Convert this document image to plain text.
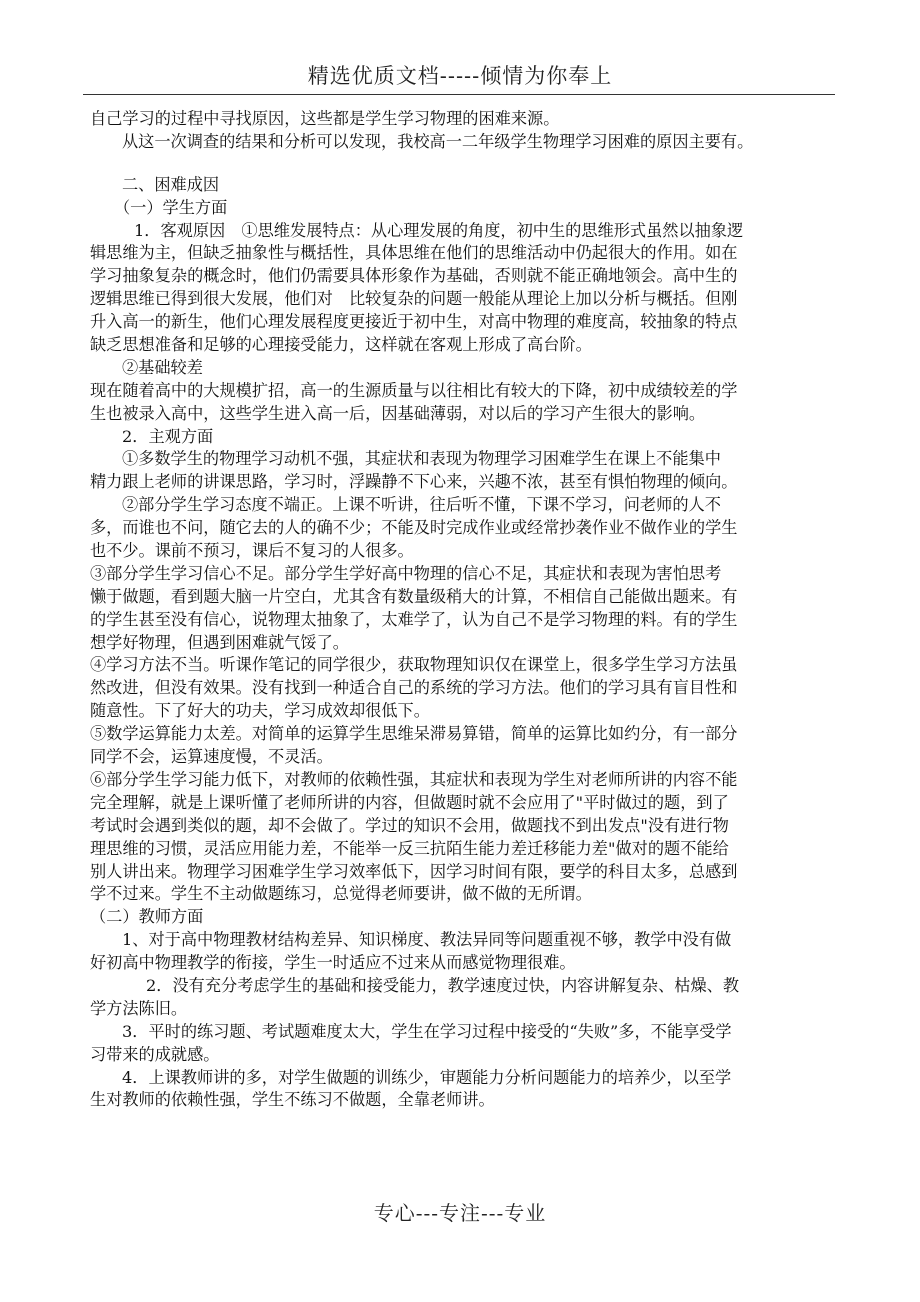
精选优质文档-----倾情为你奉上
自己学习的过程中寻找原因，这些都是学生学习物理的困难来源。
从这一次调查的结果和分析可以发现，我校高一二年级学生物理学习困难的原因主要有。
二、困难成因
（一）学生方面
1．客观原因　①思维发展特点：从心理发展的角度，初中生的思维形式虽然以抽象逻
辑思维为主，但缺乏抽象性与概括性，具体思维在他们的思维活动中仍起很大的作用。如在
学习抽象复杂的概念时，他们仍需要具体形象作为基础，否则就不能正确地领会。高中生的
逻辑思维已得到很大发展，他们对　比较复杂的问题一般能从理论上加以分析与概括。但刚
升入高一的新生，他们心理发展程度更接近于初中生，对高中物理的难度高，较抽象的特点
缺乏思想准备和足够的心理接受能力，这样就在客观上形成了高台阶。
②基础较差
现在随着高中的大规模扩招，高一的生源质量与以往相比有较大的下降，初中成绩较差的学
生也被录入高中，这些学生进入高一后，因基础薄弱，对以后的学习产生很大的影响。
2．主观方面
①多数学生的物理学习动机不强，其症状和表现为物理学习困难学生在课上不能集中
精力跟上老师的讲课思路，学习时，浮躁静不下心来，兴趣不浓，甚至有惧怕物理的倾向。
②部分学生学习态度不端正。上课不听讲，往后听不懂，下课不学习，问老师的人不
多，而谁也不问，随它去的人的确不少；不能及时完成作业或经常抄袭作业不做作业的学生
也不少。课前不预习，课后不复习的人很多。
③部分学生学习信心不足。部分学生学好高中物理的信心不足，其症状和表现为害怕思考
懒于做题，看到题大脑一片空白，尤其含有数量级稍大的计算，不相信自己能做出题来。有
的学生甚至没有信心，说物理太抽象了，太难学了，认为自己不是学习物理的料。有的学生
想学好物理，但遇到困难就气馁了。
④学习方法不当。听课作笔记的同学很少，获取物理知识仅在课堂上，很多学生学习方法虽
然改进，但没有效果。没有找到一种适合自己的系统的学习方法。他们的学习具有盲目性和
随意性。下了好大的功夫，学习成效却很低下。
⑤数学运算能力太差。对简单的运算学生思维呆滞易算错，简单的运算比如约分，有一部分
同学不会，运算速度慢，不灵活。
⑥部分学生学习能力低下，对教师的依赖性强，其症状和表现为学生对老师所讲的内容不能
完全理解，就是上课听懂了老师所讲的内容，但做题时就不会应用了"平时做过的题，到了
考试时会遇到类似的题，却不会做了。学过的知识不会用，做题找不到出发点"没有进行物
理思维的习惯，灵活应用能力差，不能举一反三抗陌生能力差迁移能力差"做对的题不能给
别人讲出来。物理学习困难学生学习效率低下，因学习时间有限，要学的科目太多，总感到
学不过来。学生不主动做题练习，总觉得老师要讲，做不做的无所谓。
（二）教师方面
1、对于高中物理教材结构差异、知识梯度、教法异同等问题重视不够，教学中没有做
好初高中物理教学的衔接，学生一时适应不过来从而感觉物理很难。
2．没有充分考虑学生的基础和接受能力，教学速度过快，内容讲解复杂、枯燥、教
学方法陈旧。
3．平时的练习题、考试题难度太大，学生在学习过程中接受的“失败”多，不能享受学
习带来的成就感。
4．上课教师讲的多，对学生做题的训练少，审题能力分析问题能力的培养少，以至学
生对教师的依赖性强，学生不练习不做题，全靠老师讲。
专心---专注---专业
